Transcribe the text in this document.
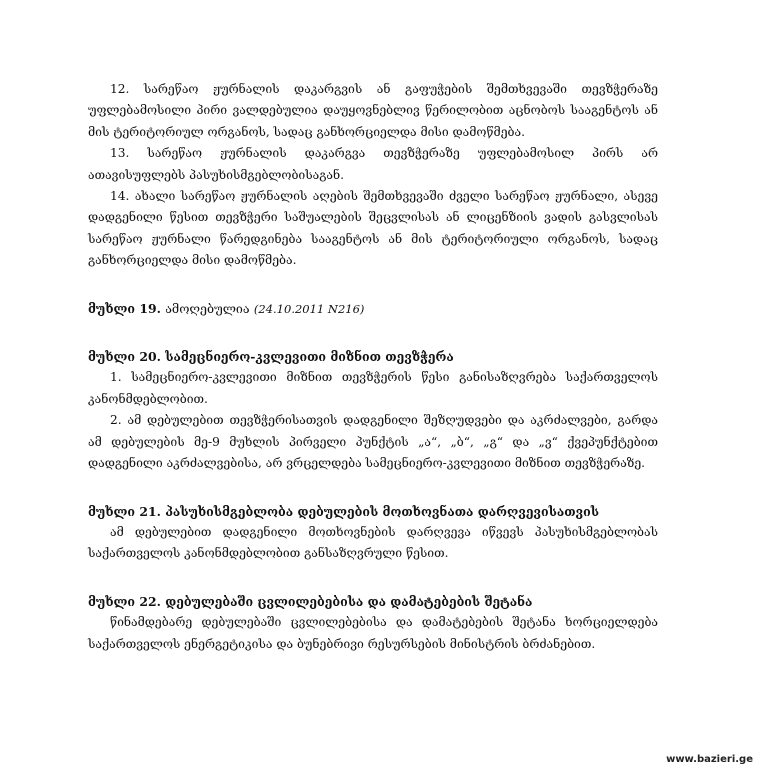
12. სარეწაო ჟურნალის დაკარგვის ან გაფუჭების შემთხვევაში თევზჭერაზე უფლებამოსილი პირი ვალდებულია დაუყოვნებლივ წერილობით აცნობოს სააგენტოს ან მის ტერიტორიულ ორგანოს, სადაც განხორციელდა მისი დამოწმება.

13. სარეწაო ჟურნალის დაკარგვა თევზჭერაზე უფლებამოსილ პირს არ ათავისუფლებს პასუხისმგებლობისაგან.

14. ახალი სარეწაო ჟურნალის აღების შემთხვევაში ძველი სარეწაო ჟურნალი, ასევე დადგენილი წესით თევზჭერი საშუალების შეცვლისას ან ლიცენზიის ვადის გასვლისას სარეწაო ჟურნალი წარედგინება სააგენტოს ან მის ტერიტორიული ორგანოს, სადაც განხორციელდა მისი დამოწმება.

მუხლი 19. ამოღებულია (24.10.2011 N216)

მუხლი 20. სამეცნიერო-კვლევითი მიზნით თევზჭერა

1. სამეცნიერო-კვლევითი მიზნით თევზჭერის წესი განისაზღვრება საქართველოს კანონმდებლობით.

2. ამ დებულებით თევზჭერისათვის დადგენილი შეზღუდვები და აკრძალვები, გარდა ამ დებულების მე-9 მუხლის პირველი პუნქტის „ა“, „ბ“, „გ“ და „ვ“ ქვეპუნქტებით დადგენილი აკრძალვებისა, არ ვრცელდება სამეცნიერო-კვლევითი მიზნით თევზჭერაზე.

მუხლი 21. პასუხისმგებლობა დებულების მოთხოვნათა დარღვევისათვის

ამ დებულებით დადგენილი მოთხოვნების დარღვევა იწვევს პასუხისმგებლობას საქართველოს კანონმდებლობით განსაზღვრული წესით.

მუხლი 22. დებულებაში ცვლილებებისა და დამატებების შეტანა

წინამდებარე დებულებაში ცვლილებებისა და დამატებების შეტანა ხორციელდება საქართველოს ენერგეტიკისა და ბუნებრივი რესურსების მინისტრის ბრძანებით.

www.bazieri.ge
